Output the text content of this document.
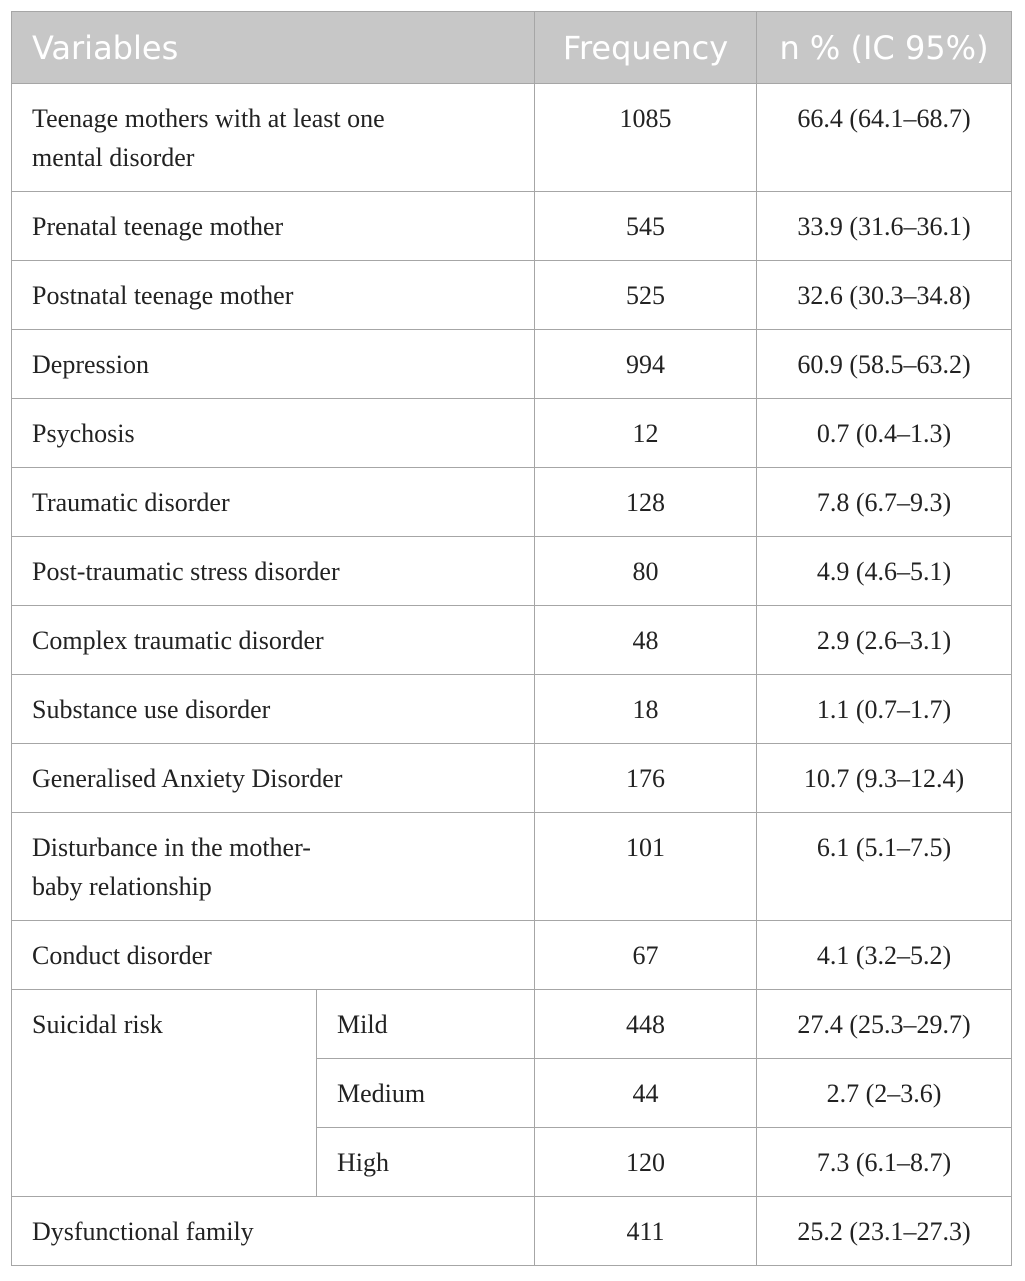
Variables		Frequency	n % (IC 95%)
Teenage mothers with at least one mental disorder		1085	66.4 (64.1–68.7)
Prenatal teenage mother		545	33.9 (31.6–36.1)
Postnatal teenage mother		525	32.6 (30.3–34.8)
Depression		994	60.9 (58.5–63.2)
Psychosis		12	0.7 (0.4–1.3)
Traumatic disorder		128	7.8 (6.7–9.3)
Post-traumatic stress disorder		80	4.9 (4.6–5.1)
Complex traumatic disorder		48	2.9 (2.6–3.1)
Substance use disorder		18	1.1 (0.7–1.7)
Generalised Anxiety Disorder		176	10.7 (9.3–12.4)
Disturbance in the mother-baby relationship		101	6.1 (5.1–7.5)
Conduct disorder		67	4.1 (3.2–5.2)
Suicidal risk	Mild	448	27.4 (25.3–29.7)
	Medium	44	2.7 (2–3.6)
	High	120	7.3 (6.1–8.7)
Dysfunctional family		411	25.2 (23.1–27.3)
